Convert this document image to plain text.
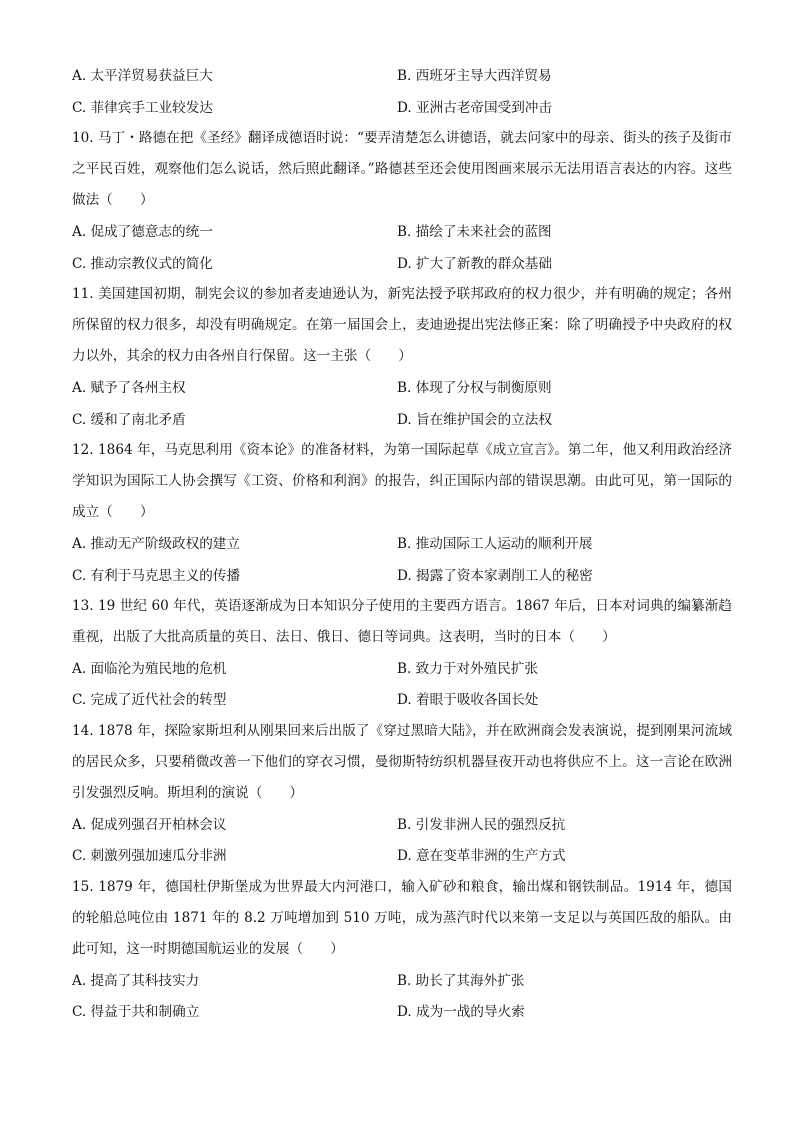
A. 太平洋贸易获益巨大	B. 西班牙主导大西洋贸易
C. 菲律宾手工业较发达	D. 亚洲古老帝国受到冲击
10. 马丁・路德在把《圣经》翻译成德语时说：“要弄清楚怎么讲德语，就去问家中的母亲、街头的孩子及街市之平民百姓，观察他们怎么说话，然后照此翻译。”路德甚至还会使用图画来展示无法用语言表达的内容。这些做法（　　）
A. 促成了德意志的统一	B. 描绘了未来社会的蓝图
C. 推动宗教仪式的简化	D. 扩大了新教的群众基础
11. 美国建国初期，制宪会议的参加者麦迪逊认为，新宪法授予联邦政府的权力很少，并有明确的规定；各州所保留的权力很多，却没有明确规定。在第一届国会上，麦迪逊提出宪法修正案：除了明确授予中央政府的权力以外，其余的权力由各州自行保留。这一主张（　　）
A. 赋予了各州主权	B. 体现了分权与制衡原则
C. 缓和了南北矛盾	D. 旨在维护国会的立法权
12. 1864 年，马克思利用《资本论》的准备材料，为第一国际起草《成立宣言》。第二年，他又利用政治经济学知识为国际工人协会撰写《工资、价格和利润》的报告，纠正国际内部的错误思潮。由此可见，第一国际的成立（　　）
A. 推动无产阶级政权的建立	B. 推动国际工人运动的顺利开展
C. 有利于马克思主义的传播	D. 揭露了资本家剥削工人的秘密
13. 19 世纪 60 年代，英语逐渐成为日本知识分子使用的主要西方语言。1867 年后，日本对词典的编纂渐趋重视，出版了大批高质量的英日、法日、俄日、德日等词典。这表明，当时的日本（　　）
A. 面临沦为殖民地的危机	B. 致力于对外殖民扩张
C. 完成了近代社会的转型	D. 着眼于吸收各国长处
14. 1878 年，探险家斯坦利从刚果回来后出版了《穿过黑暗大陆》，并在欧洲商会发表演说，提到刚果河流域的居民众多，只要稍微改善一下他们的穿衣习惯，曼彻斯特纺织机器昼夜开动也将供应不上。这一言论在欧洲引发强烈反响。斯坦利的演说（　　）
A. 促成列强召开柏林会议	B. 引发非洲人民的强烈反抗
C. 刺激列强加速瓜分非洲	D. 意在变革非洲的生产方式
15. 1879 年，德国杜伊斯堡成为世界最大内河港口，输入矿砂和粮食，输出煤和钢铁制品。1914 年，德国的轮船总吨位由 1871 年的 8.2 万吨增加到 510 万吨，成为蒸汽时代以来第一支足以与英国匹敌的船队。由此可知，这一时期德国航运业的发展（　　）
A. 提高了其科技实力	B. 助长了其海外扩张
C. 得益于共和制确立	D. 成为一战的导火索
